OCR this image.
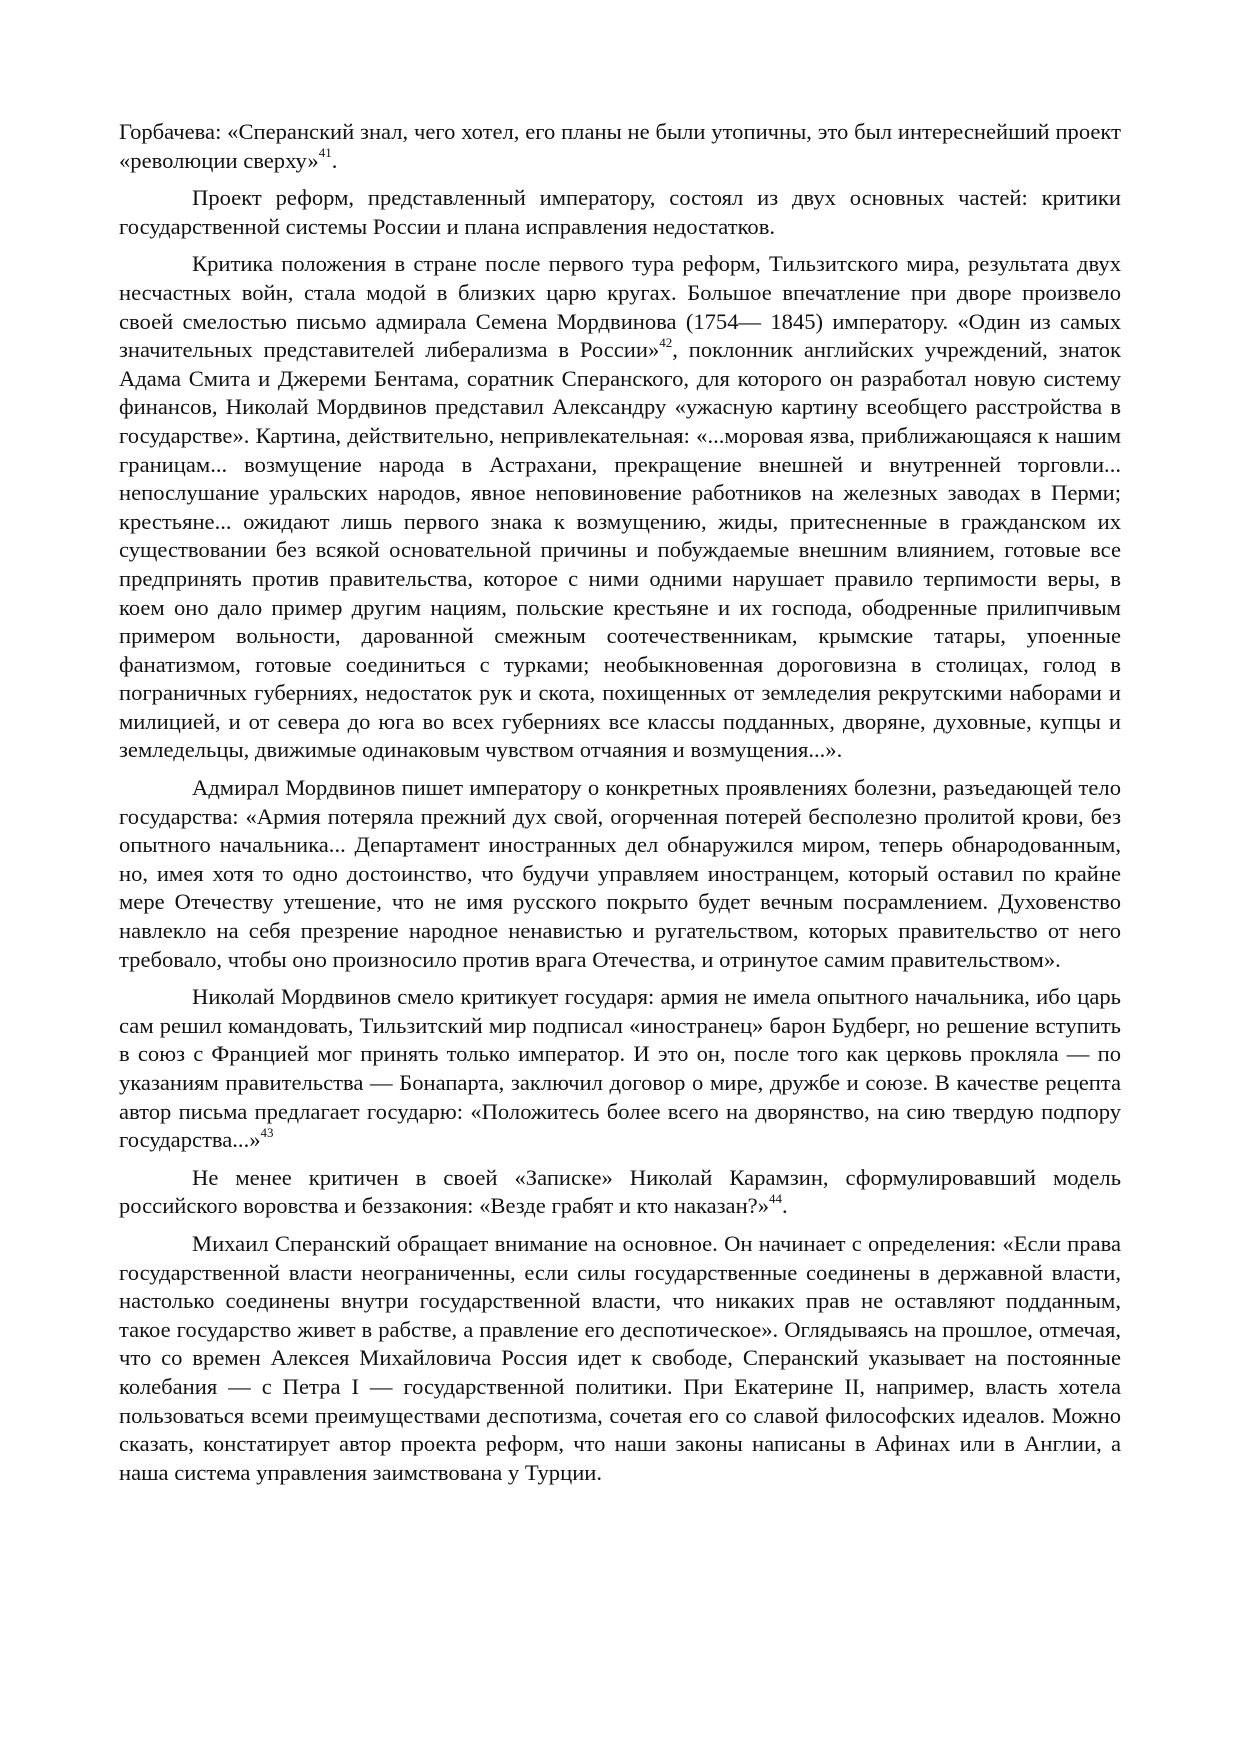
Горбачева: «Сперанский знал, чего хотел, его планы не были утопичны, это был интереснейший проект «революции сверху»$^{41}$.

Проект реформ, представленный императору, состоял из двух основных частей: критики государственной системы России и плана исправления недостатков.

Критика положения в стране после первого тура реформ, Тильзитского мира, результата двух несчастных войн, стала модой в близких царю кругах. Большое впечатление при дворе произвело своей смелостью письмо адмирала Семена Мордвинова (1754— 1845) императору. «Один из самых значительных представителей либерализма в России»$^{42}$, поклонник английских учреждений, знаток Адама Смита и Джереми Бентама, соратник Сперанского, для которого он разработал новую систему финансов, Николай Мордвинов представил Александру «ужасную картину всеобщего расстройства в государстве». Картина, действительно, непривлекательная: «...моровая язва, приближающаяся к нашим границам... возмущение народа в Астрахани, прекращение внешней и внутренней торговли... непослушание уральских народов, явное неповиновение работников на железных заводах в Перми; крестьяне... ожидают лишь первого знака к возмущению, жиды, притесненные в гражданском их существовании без всякой основательной причины и побуждаемые внешним влиянием, готовые все предпринять против правительства, которое с ними одними нарушает правило терпимости веры, в коем оно дало пример другим нациям, польские крестьяне и их господа, ободренные прилипчивым примером вольности, дарованной смежным соотечественникам, крымские татары, упоенные фанатизмом, готовые соединиться с турками; необыкновенная дороговизна в столицах, голод в пограничных губерниях, недостаток рук и скота, похищенных от земледелия рекрутскими наборами и милицией, и от севера до юга во всех губерниях все классы подданных, дворяне, духовные, купцы и земледельцы, движимые одинаковым чувством отчаяния и возмущения...».

Адмирал Мордвинов пишет императору о конкретных проявлениях болезни, разъедающей тело государства: «Армия потеряла прежний дух свой, огорченная потерей бесполезно пролитой крови, без опытного начальника... Департамент иностранных дел обнаружился миром, теперь обнародованным, но, имея хотя то одно достоинство, что будучи управляем иностранцем, который оставил по крайне мере Отечеству утешение, что не имя русского покрыто будет вечным посрамлением. Духовенство навлекло на себя презрение народное ненавистью и ругательством, которых правительство от него требовало, чтобы оно произносило против врага Отечества, и отринутое самим правительством».

Николай Мордвинов смело критикует государя: армия не имела опытного начальника, ибо царь сам решил командовать, Тильзитский мир подписал «иностранец» барон Будберг, но решение вступить в союз с Францией мог принять только император. И это он, после того как церковь прокляла — по указаниям правительства — Бонапарта, заключил договор о мире, дружбе и союзе. В качестве рецепта автор письма предлагает государю: «Положитесь более всего на дворянство, на сию твердую подпору государства...»$^{43}$

Не менее критичен в своей «Записке» Николай Карамзин, сформулировавший модель российского воровства и беззакония: «Везде грабят и кто наказан?»$^{44}$.

Михаил Сперанский обращает внимание на основное. Он начинает с определения: «Если права государственной власти неограниченны, если силы государственные соединены в державной власти, настолько соединены внутри государственной власти, что никаких прав не оставляют подданным, такое государство живет в рабстве, а правление его деспотическое». Оглядываясь на прошлое, отмечая, что со времен Алексея Михайловича Россия идет к свободе, Сперанский указывает на постоянные колебания — с Петра I — государственной политики. При Екатерине II, например, власть хотела пользоваться всеми преимуществами деспотизма, сочетая его со славой философских идеалов. Можно сказать, констатирует автор проекта реформ, что наши законы написаны в Афинах или в Англии, а наша система управления заимствована у Турции.
